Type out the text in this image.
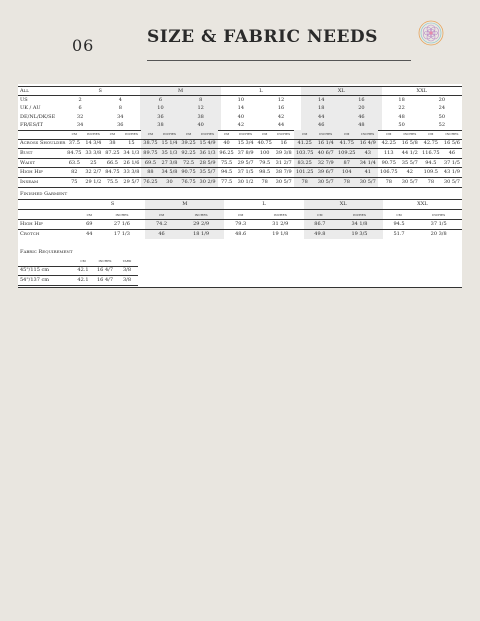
06	SIZE & FABRIC NEEDS
All	S		M		L		XL		XXL	
US	2	4	6	8	10	12	14	16	18	20
UK / AU	6	8	10	12	14	16	18	20	22	24
DE/NL/DK/SE	32	34	36	38	40	42	44	46	48	50
FR/ES/IT	34	36	38	40	42	44	46	48	50	52
	cm	inches	cm	inches	cm	inches	cm	inches	cm	inches	cm	inches	cm	inches	cm	inches	cm	inches	cm	inches
Across Shoulder	37.5	14 3/4	38	15	38.75	15 1/4	39.25	15 4/9	40	15 3/4	40.75	16	41.25	16 1/4	41.75	16 4/9	42.25	16 5/8	42.75	16 5/6
Bust	84.75	33 3/8	87.25	34 1/3	89.75	35 1/3	92.25	36 1/3	96.25	37 8/9	100	39 3/8	103.75	40 6/7	109.25	43	113	44 1/2	116.75	46
Waist	63.5	25	66.5	26 1/6	69.5	27 3/8	72.5	28 5/9	75.5	29 5/7	79.5	31 2/7	83.25	32 7/9	87	34 1/4	90.75	35 5/7	94.5	37 1/5
High Hip	82	32 2/7	84.75	33 3/8	88	34 5/8	90.75	35 5/7	94.5	37 1/5	98.5	38 7/9	101.25	39 6/7	104	41	106.75	42	109.5	43 1/9
Inseam	75	29 1/2	75.5	29 5/7	76.25	30	76.75	30 2/9	77.5	30 1/2	78	30 5/7	78	30 5/7	78	30 5/7	78	30 5/7	78	30 5/7
Finished Garment
	S		M		L		XL		XXL	
	cm	inches	cm	inches	cm	inches	cm	inches	cm	inches
High Hip	69	27 1/6	74.2	29 2/9	79.3	31 2/9	86.7	34 1/8	94.5	37 1/5
Crotch	44	17 1/3	46	18 1/9	48.6	19 1/8	49.8	19 3/5	51.7	20 3/8
Fabric Requirement
	cm	inches	yard
45"/115 cm	42.1	16 4/7	3/8
54"/137 cm	42.1	16 4/7	3/8
